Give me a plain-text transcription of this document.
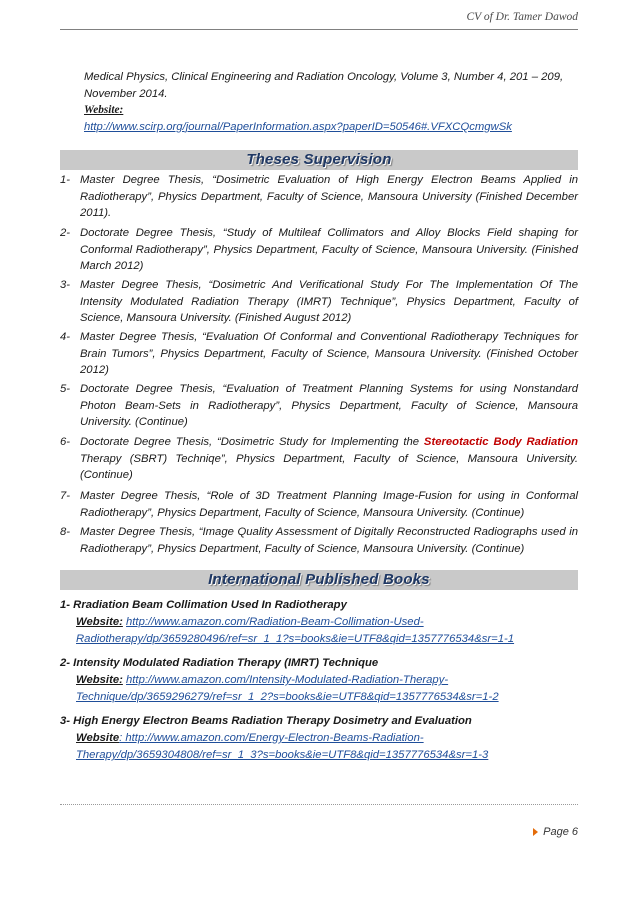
CV of Dr. Tamer Dawod
Medical Physics, Clinical Engineering and Radiation Oncology, Volume 3, Number 4, 201 – 209,
November 2014.
Website:
http://www.scirp.org/journal/PaperInformation.aspx?paperID=50546#.VFXCQcmgwSk
Theses Supervision
1- Master Degree Thesis, “Dosimetric Evaluation of High Energy Electron Beams Applied in Radiotherapy”, Physics Department, Faculty of Science, Mansoura University (Finished December 2011).
2- Doctorate Degree Thesis, “Study of Multileaf Collimators and Alloy Blocks Field shaping for Conformal Radiotherapy”, Physics Department, Faculty of Science, Mansoura University. (Finished March 2012)
3- Master Degree Thesis, “Dosimetric And Verificational Study For The Implementation Of The Intensity Modulated Radiation Therapy (IMRT) Technique”, Physics Department, Faculty of Science, Mansoura University. (Finished August 2012)
4- Master Degree Thesis, “Evaluation Of Conformal and Conventional Radiotherapy Techniques for Brain Tumors”, Physics Department, Faculty of Science, Mansoura University. (Finished October 2012)
5- Doctorate Degree Thesis, “Evaluation of Treatment Planning Systems for using Nonstandard Photon Beam-Sets in Radiotherapy”, Physics Department, Faculty of Science, Mansoura University. (Continue)
6- Doctorate Degree Thesis, “Dosimetric Study for Implementing the Stereotactic Body Radiation Therapy (SBRT) Techniqe”, Physics Department, Faculty of Science, Mansoura University. (Continue)
7- Master Degree Thesis, “Role of 3D Treatment Planning Image-Fusion for using in Conformal Radiotherapy”, Physics Department, Faculty of Science, Mansoura University. (Continue)
8- Master Degree Thesis, “Image Quality Assessment of Digitally Reconstructed Radiographs used in Radiotherapy”, Physics Department, Faculty of Science, Mansoura University. (Continue)
International Published Books
1- Rradiation Beam Collimation Used In Radiotherapy
Website: http://www.amazon.com/Radiation-Beam-Collimation-Used-
Radiotherapy/dp/3659280496/ref=sr_1_1?s=books&ie=UTF8&qid=1357776534&sr=1-1
2- Intensity Modulated Radiation Therapy (IMRT) Technique
Website: http://www.amazon.com/Intensity-Modulated-Radiation-Therapy-
Technique/dp/3659296279/ref=sr_1_2?s=books&ie=UTF8&qid=1357776534&sr=1-2
3- High Energy Electron Beams Radiation Therapy Dosimetry and Evaluation
Website: http://www.amazon.com/Energy-Electron-Beams-Radiation-
Therapy/dp/3659304808/ref=sr_1_3?s=books&ie=UTF8&qid=1357776534&sr=1-3
Page 6
